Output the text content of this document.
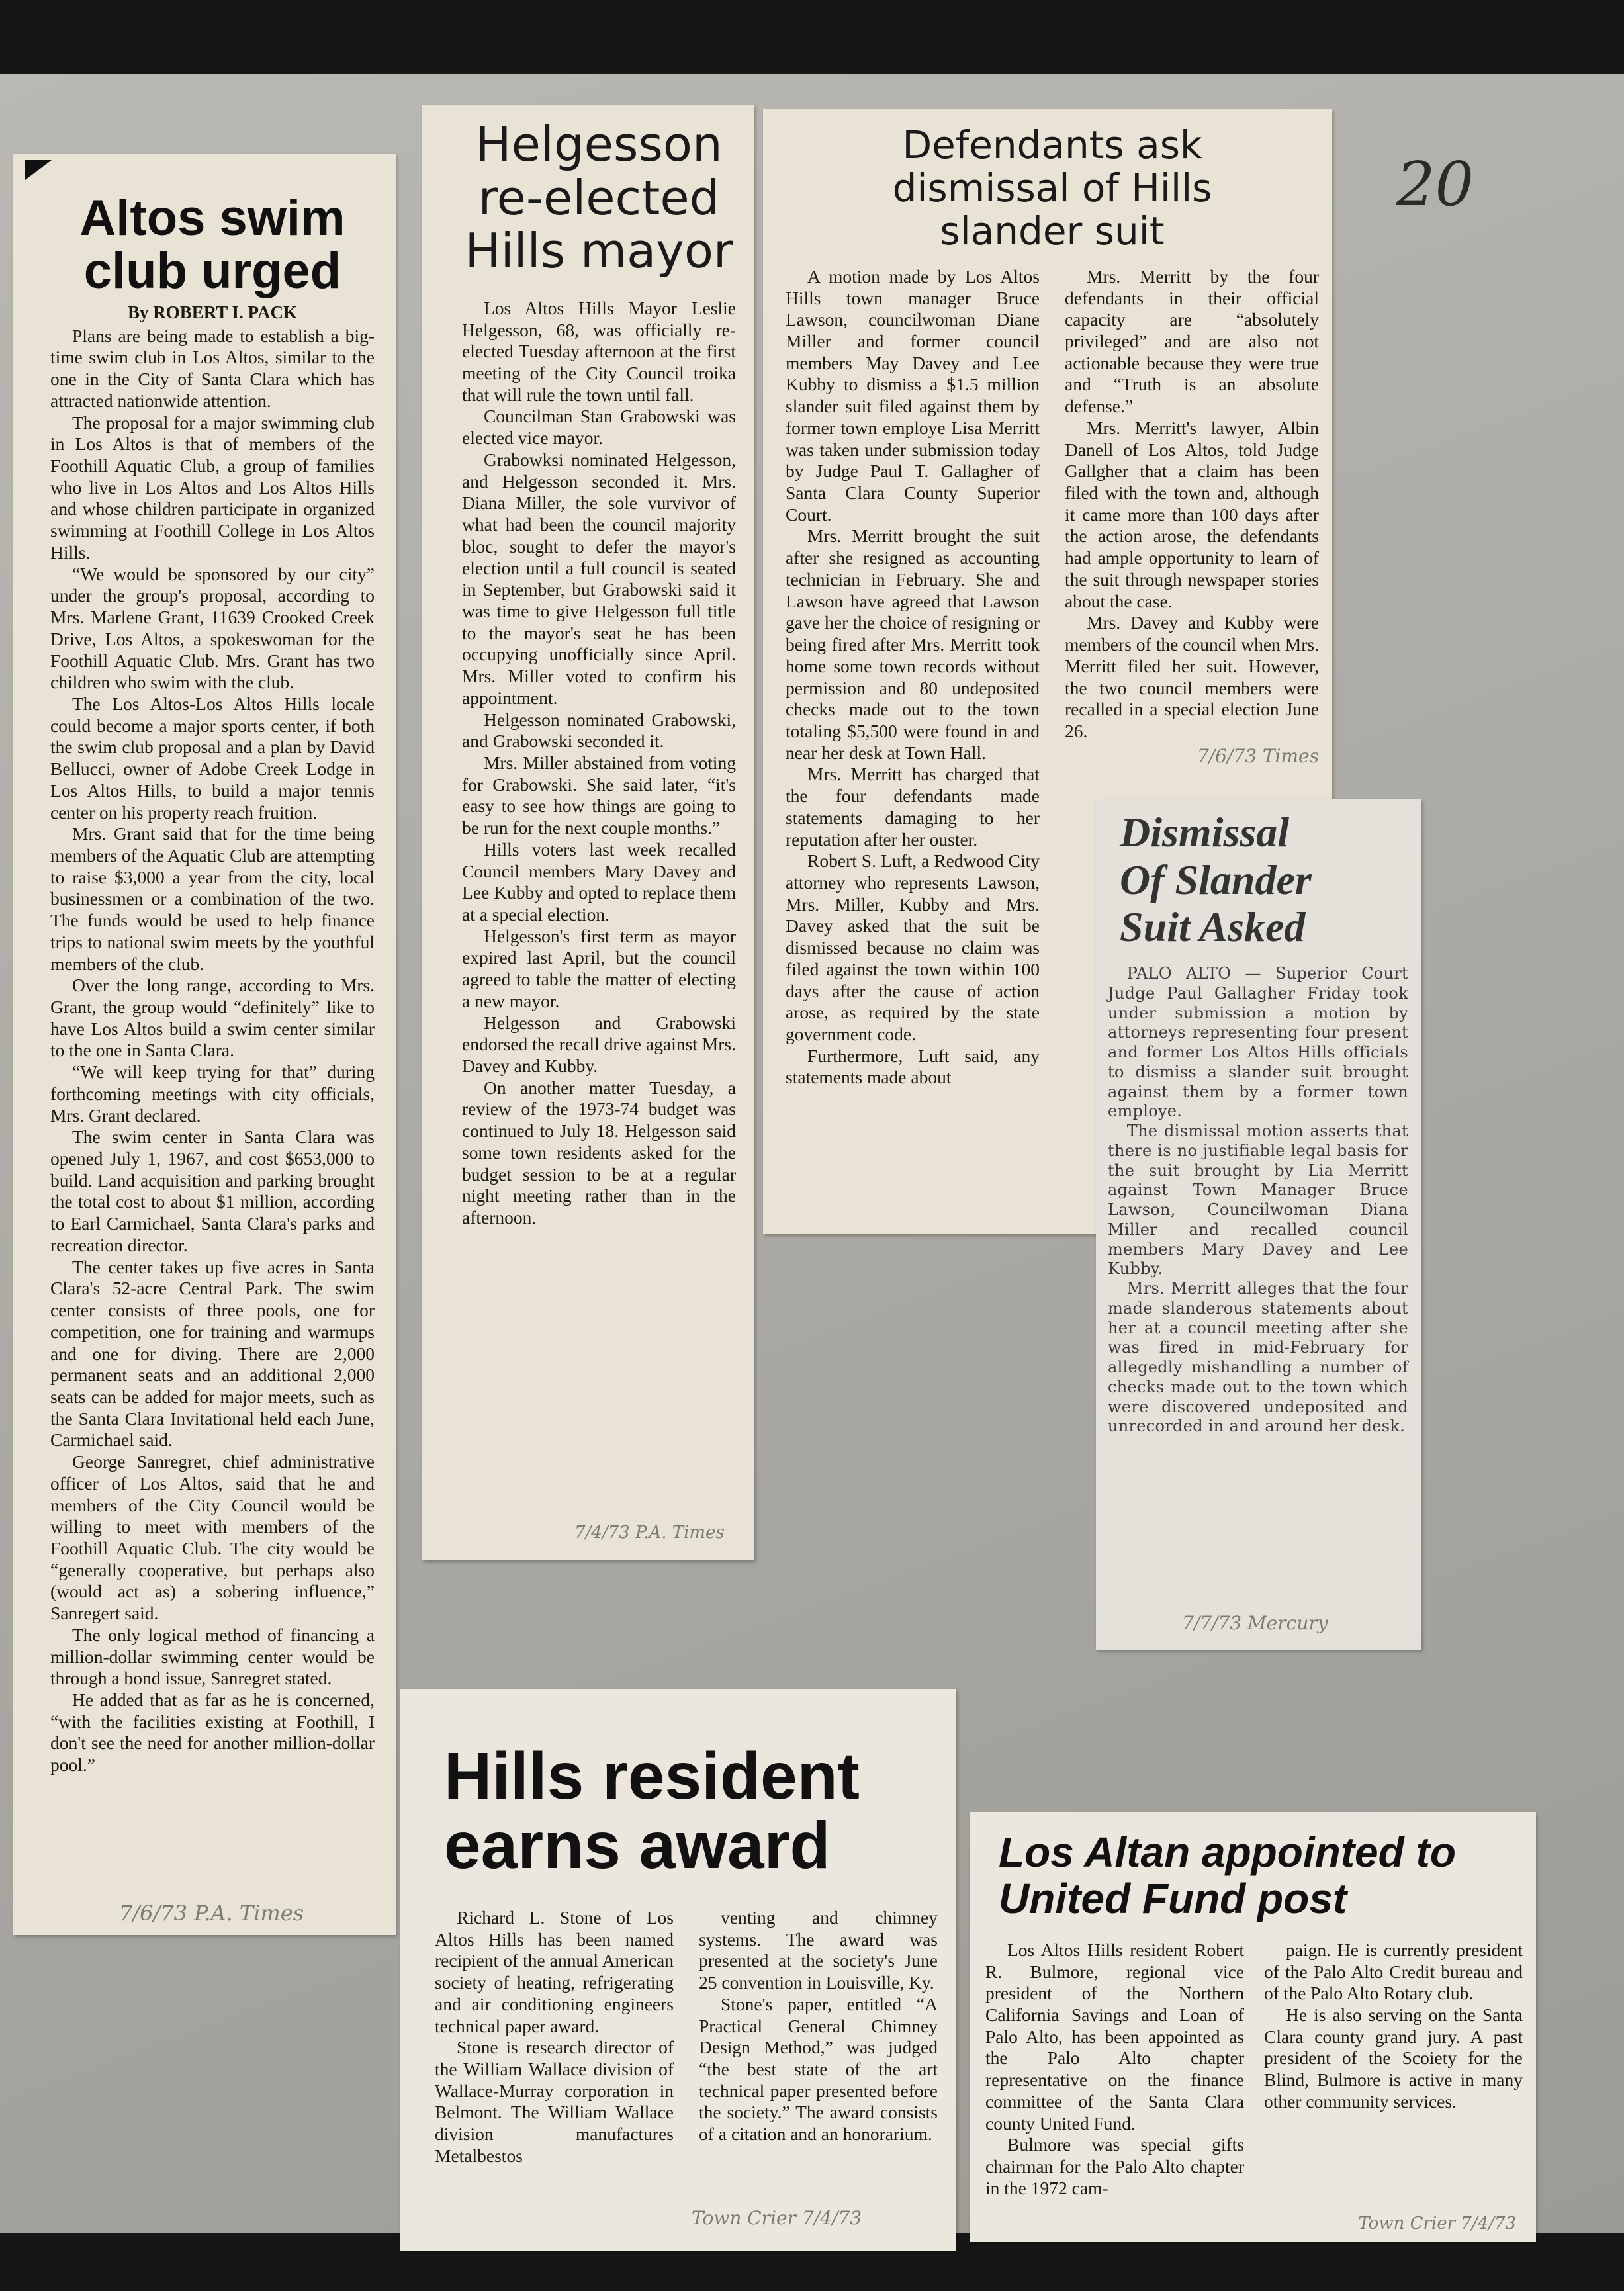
20
Altos swim club urged
By ROBERT I. PACK

Plans are being made to establish a big-time swim club in Los Altos, similar to the one in the City of Santa Clara which has attracted nationwide attention.

The proposal for a major swimming club in Los Altos is that of members of the Foothill Aquatic Club, a group of families who live in Los Altos and Los Altos Hills and whose children participate in organized swimming at Foothill College in Los Altos Hills.

“We would be sponsored by our city” under the group's proposal, according to Mrs. Marlene Grant, 11639 Crooked Creek Drive, Los Altos, a spokeswoman for the Foothill Aquatic Club. Mrs. Grant has two children who swim with the club.

The Los Altos-Los Altos Hills locale could become a major sports center, if both the swim club proposal and a plan by David Bellucci, owner of Adobe Creek Lodge in Los Altos Hills, to build a major tennis center on his property reach fruition.

Mrs. Grant said that for the time being members of the Aquatic Club are attempting to raise $3,000 a year from the city, local businessmen or a combination of the two. The funds would be used to help finance trips to national swim meets by the youthful members of the club.

Over the long range, according to Mrs. Grant, the group would “definitely” like to have Los Altos build a swim center similar to the one in Santa Clara.

“We will keep trying for that” during forthcoming meetings with city officials, Mrs. Grant declared.

The swim center in Santa Clara was opened July 1, 1967, and cost $653,000 to build. Land acquisition and parking brought the total cost to about $1 million, according to Earl Carmichael, Santa Clara's parks and recreation director.

The center takes up five acres in Santa Clara's 52-acre Central Park. The swim center consists of three pools, one for competition, one for training and warmups and one for diving. There are 2,000 permanent seats and an additional 2,000 seats can be added for major meets, such as the Santa Clara Invitational held each June, Carmichael said.

George Sanregret, chief administrative officer of Los Altos, said that he and members of the City Council would be willing to meet with members of the Foothill Aquatic Club. The city would be “generally cooperative, but perhaps also (would act as) a sobering influence,” Sanregert said.

The only logical method of financing a million-dollar swimming center would be through a bond issue, Sanregret stated.

He added that as far as he is concerned, “with the facilities existing at Foothill, I don't see the need for another million-dollar pool.”

7/6/73 P.A. Times
Helgesson re-elected Hills mayor

Los Altos Hills Mayor Leslie Helgesson, 68, was officially re-elected Tuesday afternoon at the first meeting of the City Council troika that will rule the town until fall.

Councilman Stan Grabowski was elected vice mayor.

Grabowksi nominated Helgesson, and Helgesson seconded it. Mrs. Diana Miller, the sole vurvivor of what had been the council majority bloc, sought to defer the mayor's election until a full council is seated in September, but Grabowski said it was time to give Helgesson full title to the mayor's seat he has been occupying unofficially since April. Mrs. Miller voted to confirm his appointment.

Helgesson nominated Grabowski, and Grabowski seconded it.

Mrs. Miller abstained from voting for Grabowski. She said later, “it's easy to see how things are going to be run for the next couple months.”

Hills voters last week recalled Council members Mary Davey and Lee Kubby and opted to replace them at a special election.

Helgesson's first term as mayor expired last April, but the council agreed to table the matter of electing a new mayor.

Helgesson and Grabowski endorsed the recall drive against Mrs. Davey and Kubby.

On another matter Tuesday, a review of the 1973-74 budget was continued to July 18. Helgesson said some town residents asked for the budget session to be at a regular night meeting rather than in the afternoon.

7/4/73 P.A. Times
Defendants ask dismissal of Hills slander suit

A motion made by Los Altos Hills town manager Bruce Lawson, councilwoman Diane Miller and former council members May Davey and Lee Kubby to dismiss a $1.5 million slander suit filed against them by former town employe Lisa Merritt was taken under submission today by Judge Paul T. Gallagher of Santa Clara County Superior Court.

Mrs. Merritt brought the suit after she resigned as accounting technician in February. She and Lawson have agreed that Lawson gave her the choice of resigning or being fired after Mrs. Merritt took home some town records without permission and 80 undeposited checks made out to the town totaling $5,500 were found in and near her desk at Town Hall.

Mrs. Merritt has charged that the four defendants made statements damaging to her reputation after her ouster.

Robert S. Luft, a Redwood City attorney who represents Lawson, Mrs. Miller, Kubby and Mrs. Davey asked that the suit be dismissed because no claim was filed against the town within 100 days after the cause of action arose, as required by the state government code.

Furthermore, Luft said, any statements made about

Mrs. Merritt by the four defendants in their official capacity are “absolutely privileged” and are also not actionable because they were true and “Truth is an absolute defense.”

Mrs. Merritt's lawyer, Albin Danell of Los Altos, told Judge Gallgher that a claim has been filed with the town and, although it came more than 100 days after the action arose, the defendants had ample opportunity to learn of the suit through newspaper stories about the case.

Mrs. Davey and Kubby were members of the council when Mrs. Merritt filed her suit. However, the two council members were recalled in a special election June 26.

7/6/73 Times
Dismissal Of Slander Suit Asked

PALO ALTO — Superior Court Judge Paul Gallagher Friday took under submission a motion by attorneys representing four present and former Los Altos Hills officials to dismiss a slander suit brought against them by a former town employe.

The dismissal motion asserts that there is no justifiable legal basis for the suit brought by Lia Merritt against Town Manager Bruce Lawson, Councilwoman Diana Miller and recalled council members Mary Davey and Lee Kubby.

Mrs. Merritt alleges that the four made slanderous statements about her at a council meeting after she was fired in mid-February for allegedly mishandling a number of checks made out to the town which were discovered undeposited and unrecorded in and around her desk.

7/7/73 Mercury
Hills resident earns award

Richard L. Stone of Los Altos Hills has been named recipient of the annual American society of heating, refrigerating and air conditioning engineers technical paper award.

Stone is research director of the William Wallace division of Wallace-Murray corporation in Belmont. The William Wallace division manufactures Metalbestos

venting and chimney systems. The award was presented at the society's June 25 convention in Louisville, Ky.

Stone's paper, entitled “A Practical General Chimney Design Method,” was judged “the best state of the art technical paper presented before the society.” The award consists of a citation and an honorarium.

Town Crier 7/4/73
Los Altan appointed to United Fund post

Los Altos Hills resident Robert R. Bulmore, regional vice president of the Northern California Savings and Loan of Palo Alto, has been appointed as the Palo Alto chapter representative on the finance committee of the Santa Clara county United Fund.

Bulmore was special gifts chairman for the Palo Alto chapter in the 1972 cam-

paign. He is currently president of the Palo Alto Credit bureau and of the Palo Alto Rotary club.

He is also serving on the Santa Clara county grand jury. A past president of the Scoiety for the Blind, Bulmore is active in many other community services.

Town Crier 7/4/73
